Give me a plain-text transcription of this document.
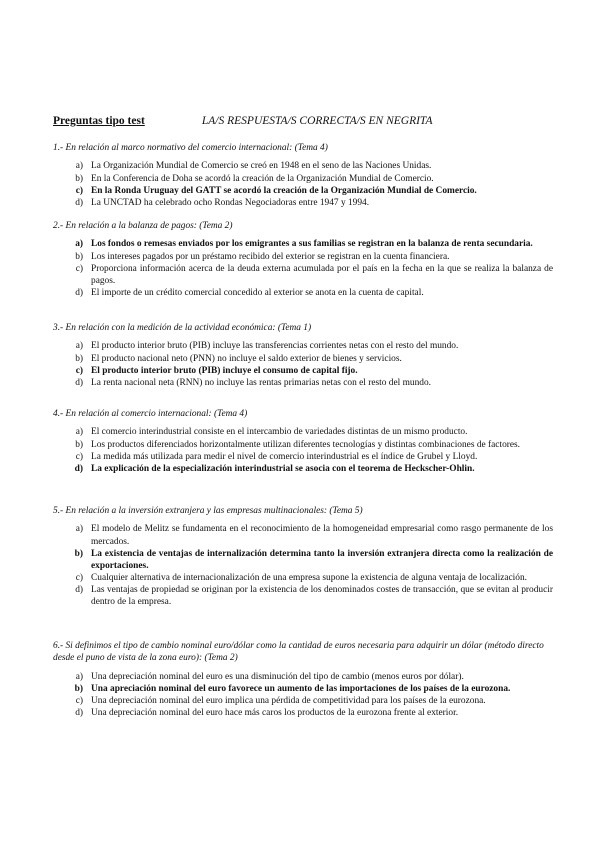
Preguntas tipo test	LA/S RESPUESTA/S CORRECTA/S EN NEGRITA

1.- En relación al marco normativo del comercio internacional: (Tema 4)

a) La Organización Mundial de Comercio se creó en 1948 en el seno de las Naciones Unidas.
b) En la Conferencia de Doha se acordó la creación de la Organización Mundial de Comercio.
c) En la Ronda Uruguay del GATT se acordó la creación de la Organización Mundial de Comercio.
d) La UNCTAD ha celebrado ocho Rondas Negociadoras entre 1947 y 1994.

2.- En relación a la balanza de pagos: (Tema 2)

a) Los fondos o remesas enviados por los emigrantes a sus familias se registran en la balanza de renta secundaria.
b) Los intereses pagados por un préstamo recibido del exterior se registran en la cuenta financiera.
c) Proporciona información acerca de la deuda externa acumulada por el país en la fecha en la que se realiza la balanza de pagos.
d) El importe de un crédito comercial concedido al exterior se anota en la cuenta de capital.

3.- En relación con la medición de la actividad económica: (Tema 1)

a) El producto interior bruto (PIB) incluye las transferencias corrientes netas con el resto del mundo.
b) El producto nacional neto (PNN) no incluye el saldo exterior de bienes y servicios.
c) El producto interior bruto (PIB) incluye el consumo de capital fijo.
d) La renta nacional neta (RNN) no incluye las rentas primarias netas con el resto del mundo.

4.- En relación al comercio internacional: (Tema 4)

a) El comercio interindustrial consiste en el intercambio de variedades distintas de un mismo producto.
b) Los productos diferenciados horizontalmente utilizan diferentes tecnologías y distintas combinaciones de factores.
c) La medida más utilizada para medir el nivel de comercio interindustrial es el índice de Grubel y Lloyd.
d) La explicación de la especialización interindustrial se asocia con el teorema de Heckscher-Ohlin.

5.- En relación a la inversión extranjera y las empresas multinacionales: (Tema 5)

a) El modelo de Melitz se fundamenta en el reconocimiento de la homogeneidad empresarial como rasgo permanente de los mercados.
b) La existencia de ventajas de internalización determina tanto la inversión extranjera directa como la realización de exportaciones.
c) Cualquier alternativa de internacionalización de una empresa supone la existencia de alguna ventaja de localización.
d) Las ventajas de propiedad se originan por la existencia de los denominados costes de transacción, que se evitan al producir dentro de la empresa.

6.- Si definimos el tipo de cambio nominal euro/dólar como la cantidad de euros necesaria para adquirir un dólar (método directo desde el puno de vista de la zona euro): (Tema 2)

a) Una depreciación nominal del euro es una disminución del tipo de cambio (menos euros por dólar).
b) Una apreciación nominal del euro favorece un aumento de las importaciones de los países de la eurozona.
c) Una depreciación nominal del euro implica una pérdida de competitividad para los países de la eurozona.
d) Una depreciación nominal del euro hace más caros los productos de la eurozona frente al exterior.
